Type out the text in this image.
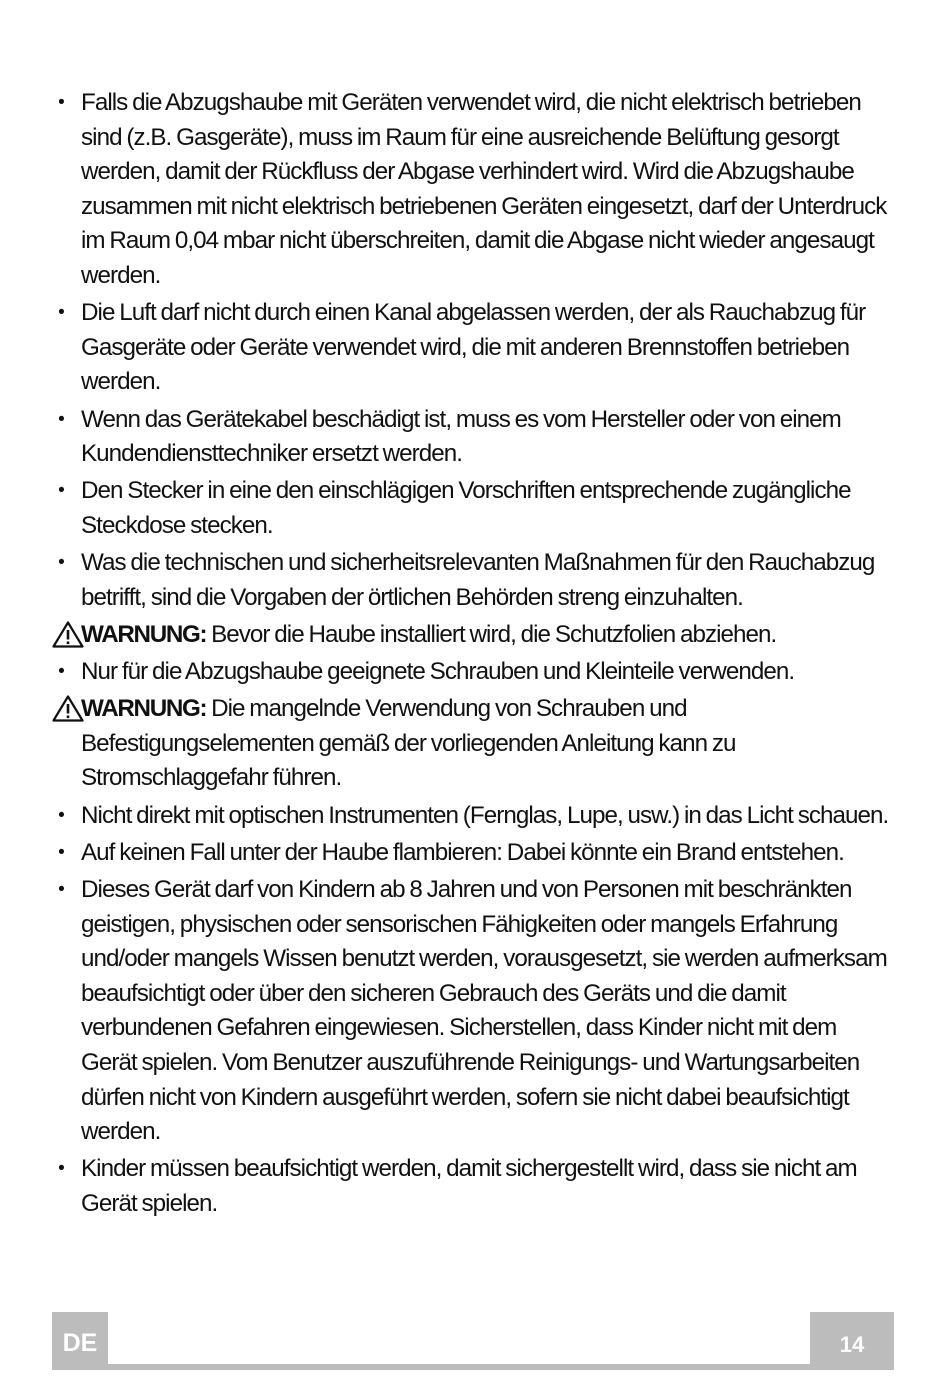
• Falls die Abzugshaube mit Geräten verwendet wird, die nicht elektrisch betrieben sind (z.B. Gasgeräte), muss im Raum für eine ausreichende Belüftung gesorgt werden, damit der Rückfluss der Abgase verhindert wird. Wird die Abzugshaube zusammen mit nicht elektrisch betriebenen Geräten eingesetzt, darf der Unterdruck im Raum 0,04 mbar nicht überschreiten, damit die Abgase nicht wieder angesaugt werden.
• Die Luft darf nicht durch einen Kanal abgelassen werden, der als Rauchabzug für Gasgeräte oder Geräte verwendet wird, die mit anderen Brennstoffen betrieben werden.
• Wenn das Gerätekabel beschädigt ist, muss es vom Hersteller oder von einem Kundendiensttechniker ersetzt werden.
• Den Stecker in eine den einschlägigen Vorschriften entsprechende zugängliche Steckdose stecken.
• Was die technischen und sicherheitsrelevanten Maßnahmen für den Rauchabzug betrifft, sind die Vorgaben der örtlichen Behörden streng einzuhalten.
WARNUNG: Bevor die Haube installiert wird, die Schutzfolien abziehen.
• Nur für die Abzugshaube geeignete Schrauben und Kleinteile verwenden.
WARNUNG: Die mangelnde Verwendung von Schrauben und Befestigungselementen gemäß der vorliegenden Anleitung kann zu Stromschlaggefahr führen.
• Nicht direkt mit optischen Instrumenten (Fernglas, Lupe, usw.) in das Licht schauen.
• Auf keinen Fall unter der Haube flambieren: Dabei könnte ein Brand entstehen.
• Dieses Gerät darf von Kindern ab 8 Jahren und von Personen mit beschränkten geistigen, physischen oder sensorischen Fähigkeiten oder mangels Erfahrung und/oder mangels Wissen benutzt werden, vorausgesetzt, sie werden aufmerksam beaufsichtigt oder über den sicheren Gebrauch des Geräts und die damit verbundenen Gefahren eingewiesen. Sicherstellen, dass Kinder nicht mit dem Gerät spielen. Vom Benutzer auszuführende Reinigungs- und Wartungsarbeiten dürfen nicht von Kindern ausgeführt werden, sofern sie nicht dabei beaufsichtigt werden.
• Kinder müssen beaufsichtigt werden, damit sichergestellt wird, dass sie nicht am Gerät spielen.
DE	14
